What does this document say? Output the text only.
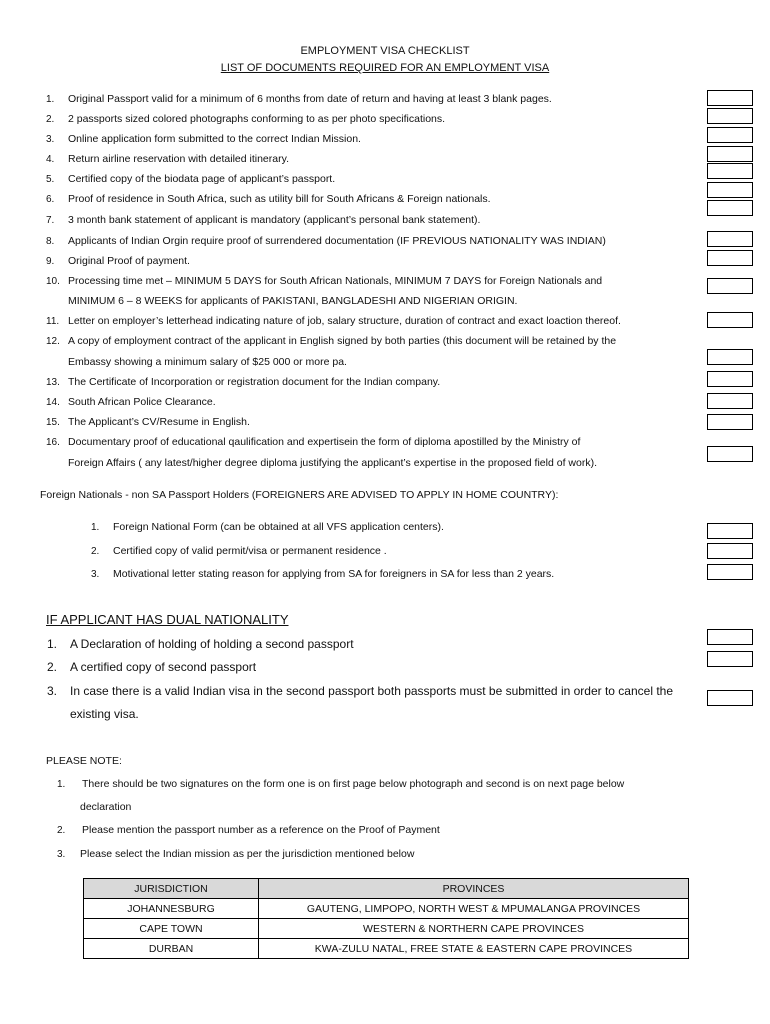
EMPLOYMENT VISA CHECKLIST
LIST OF DOCUMENTS REQUIRED FOR AN EMPLOYMENT VISA
1.	Original Passport valid for a minimum of 6 months from date of return and having at least 3 blank pages.
2.	2 passports sized colored photographs conforming to as per photo specifications.
3.	Online application form submitted to the correct Indian Mission.
4.	Return airline reservation with detailed itinerary.
5.	Certified copy of the biodata page of applicant’s passport.
6.	Proof of residence in South Africa, such as utility bill for South Africans & Foreign nationals.
7.	3 month bank statement of applicant is mandatory (applicant’s personal bank statement).
8.	Applicants of Indian Orgin require proof of surrendered documentation (IF PREVIOUS NATIONALITY WAS INDIAN)
9.	Original Proof of payment.
10. Processing time met – MINIMUM 5 DAYS for South African Nationals, MINIMUM 7 DAYS for Foreign Nationals and
MINIMUM 6 – 8 WEEKS for applicants of PAKISTANI, BANGLADESHI AND NIGERIAN ORIGIN.
11. Letter on employer’s letterhead indicating nature of job, salary structure, duration of contract and exact loaction thereof.
12. A copy of employment contract of the applicant in English signed by both parties (this document will be retained by the
Embassy showing a minimum salary of $25 000 or more pa.
13. The Certificate of Incorporation or registration document for the Indian company.
14. South African Police Clearance.
15. The Applicant’s CV/Resume in English.
16. Documentary proof of educational qaulification and expertisein the form of diploma apostilled by the Ministry of
Foreign Affairs ( any latest/higher degree diploma justifying the applicant’s expertise in the proposed field of work).
Foreign Nationals - non SA Passport Holders (FOREIGNERS ARE ADVISED TO APPLY IN HOME COUNTRY):
1.	Foreign National Form (can be obtained at all VFS application centers).
2.	Certified copy of valid permit/visa or permanent residence .
3.	Motivational letter stating reason for applying from SA for foreigners in SA for less than 2 years.
IF APPLICANT HAS DUAL NATIONALITY
1. A Declaration of holding of holding a second passport
2. A certified copy of second passport
3. In case there is a valid Indian visa in the second passport both passports must be submitted in order to cancel the
existing visa.
PLEASE NOTE:
1.	There should be two signatures on the form one is on first page below photograph and second is on next page below
declaration
2.	Please mention the passport number as a reference on the Proof of Payment
3.	Please select the Indian mission as per the jurisdiction mentioned below
JURISDICTION	PROVINCES
JOHANNESBURG	GAUTENG, LIMPOPO, NORTH WEST & MPUMALANGA PROVINCES
CAPE TOWN	WESTERN & NORTHERN CAPE PROVINCES
DURBAN	KWA-ZULU NATAL, FREE STATE & EASTERN CAPE PROVINCES
